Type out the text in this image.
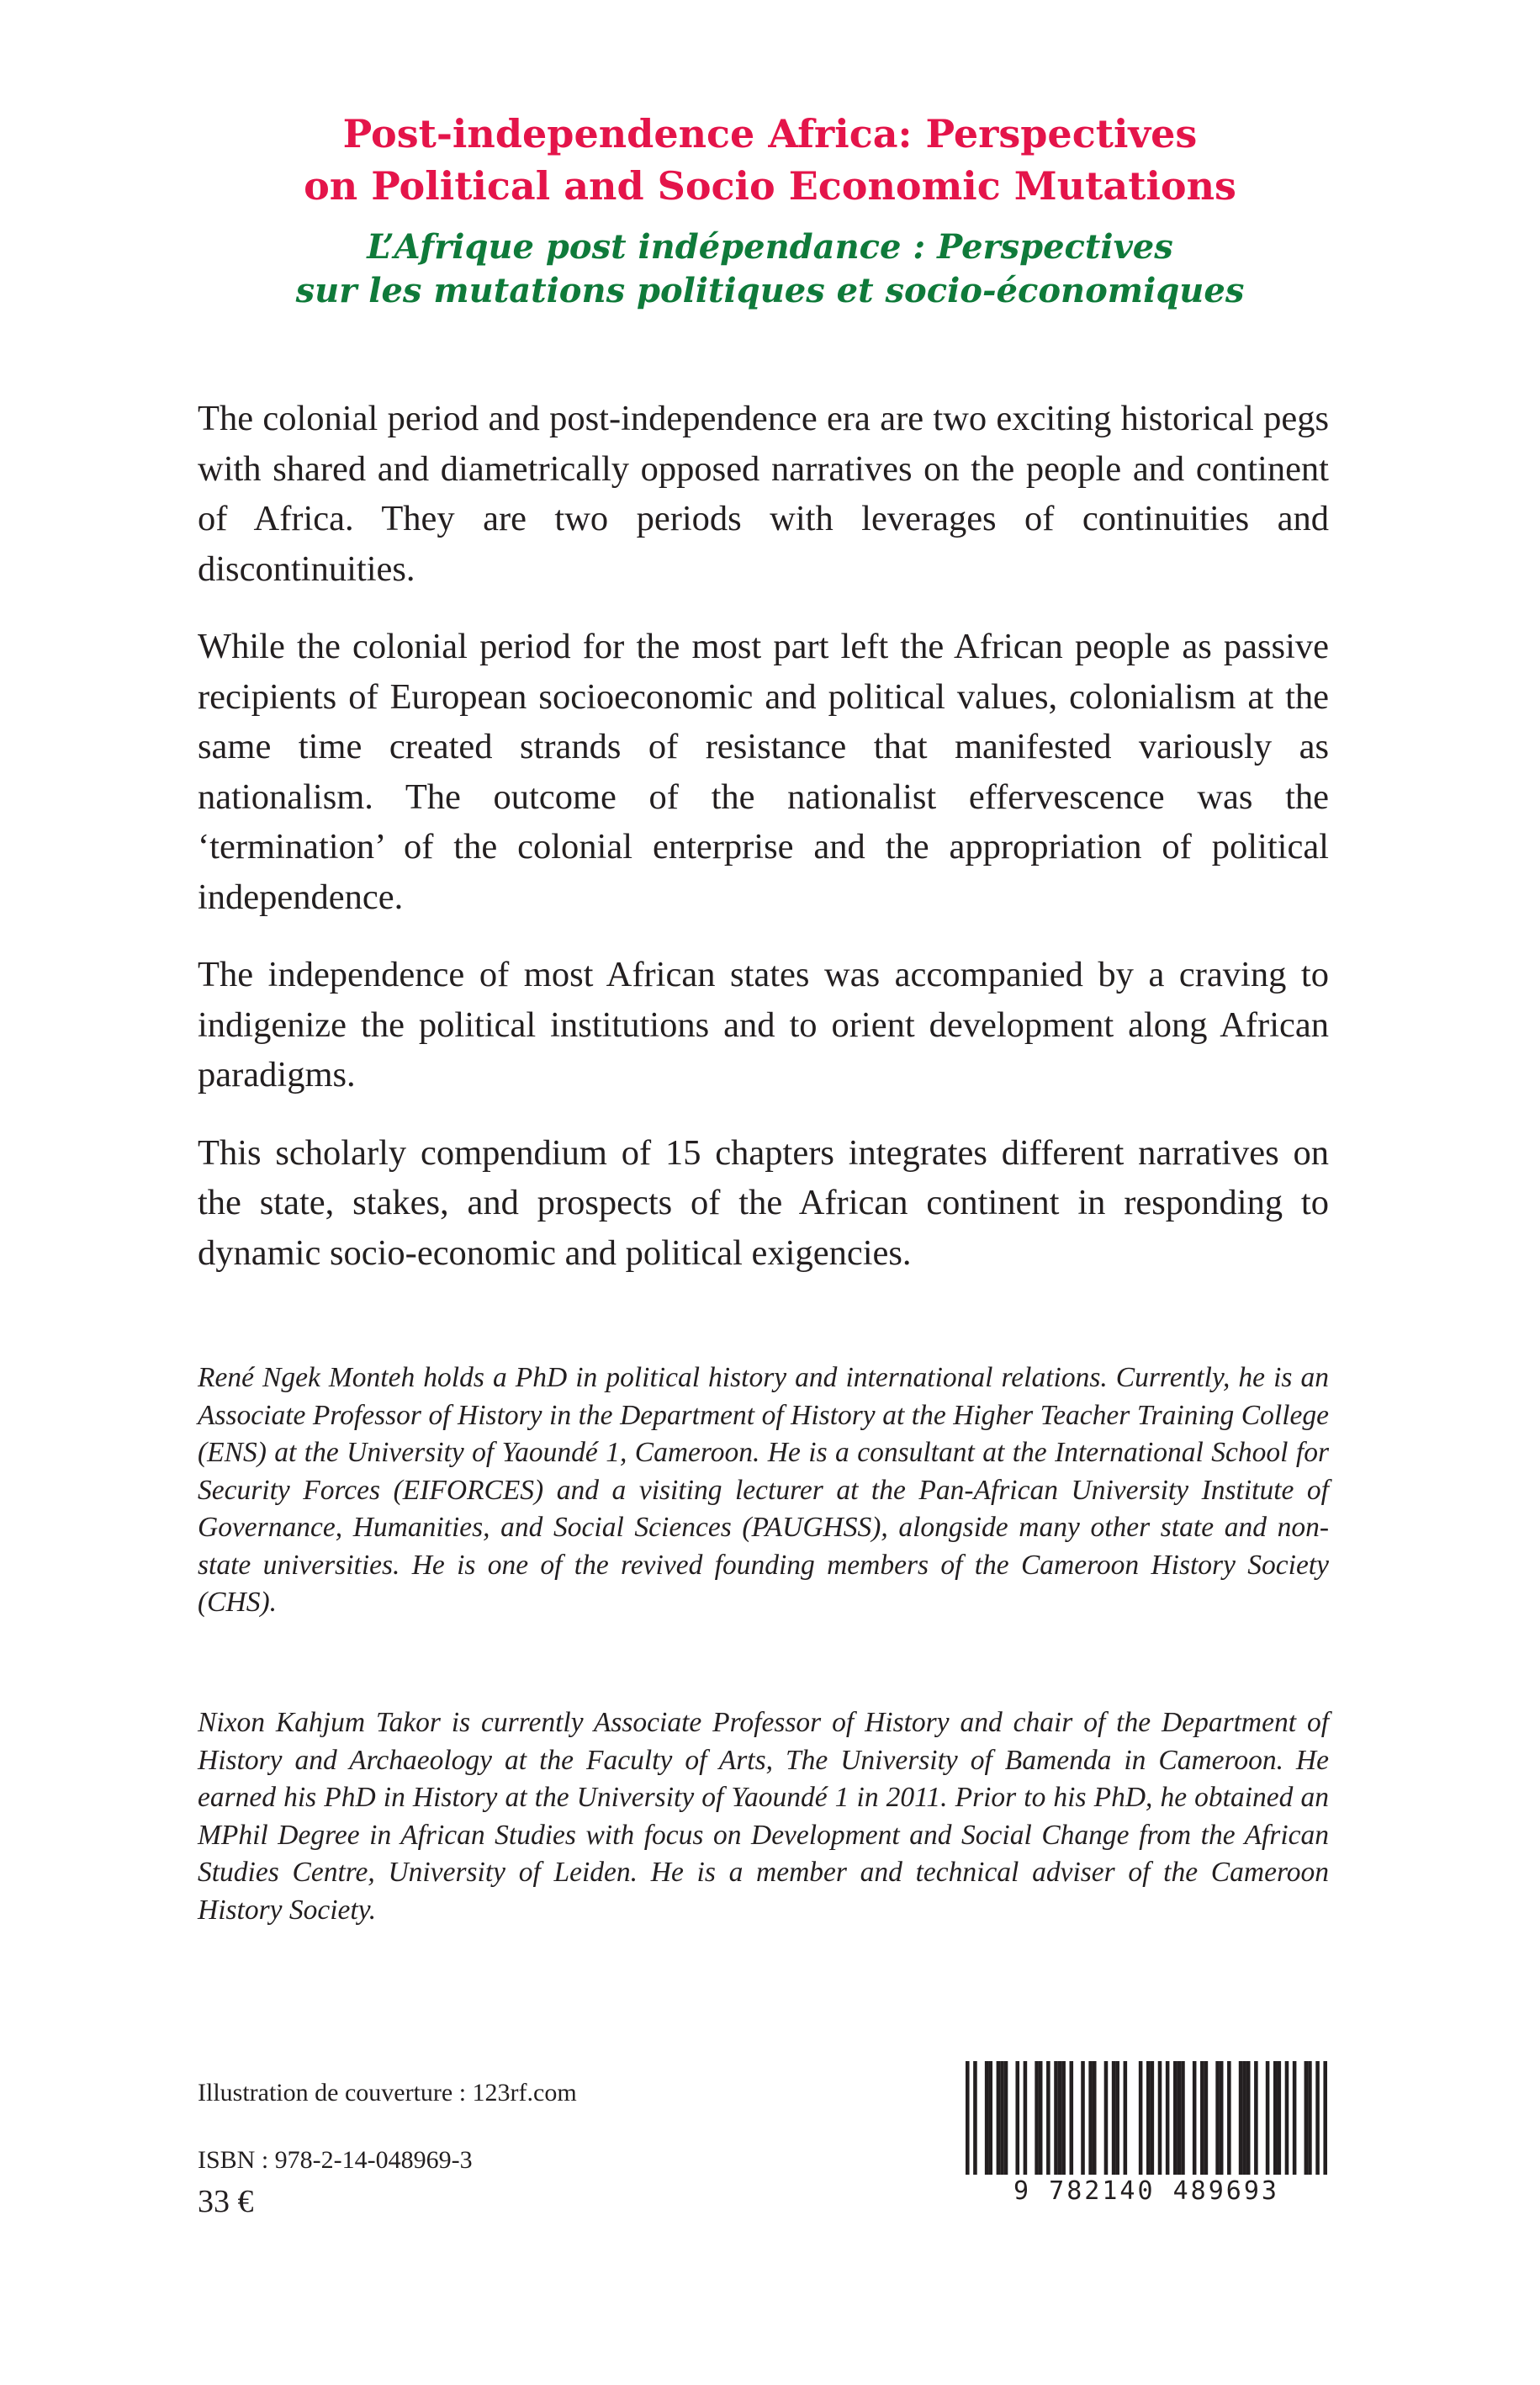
Post-independence Africa: Perspectives
on Political and Socio Economic Mutations
L’Afrique post indépendance : Perspectives
sur les mutations politiques et socio-économiques

The colonial period and post-independence era are two exciting historical pegs with shared and diametrically opposed narratives on the people and continent of Africa. They are two periods with leverages of continuities and discontinuities.

While the colonial period for the most part left the African people as passive recipients of European socioeconomic and political values, colonialism at the same time created strands of resistance that manifested variously as nationalism. The outcome of the nationalist effervescence was the ‘termination’ of the colonial enterprise and the appropriation of political independence.

The independence of most African states was accompanied by a craving to indigenize the political institutions and to orient development along African paradigms.

This scholarly compendium of 15 chapters integrates different narratives on the state, stakes, and prospects of the African continent in responding to dynamic socio-economic and political exigencies.

René Ngek Monteh holds a PhD in political history and international relations. Currently, he is an Associate Professor of History in the Department of History at the Higher Teacher Training College (ENS) at the University of Yaoundé 1, Cameroon. He is a consultant at the International School for Security Forces (EIFORCES) and a visiting lecturer at the Pan-African University Institute of Governance, Humanities, and Social Sciences (PAUGHSS), alongside many other state and non-state universities. He is one of the revived founding members of the Cameroon History Society (CHS).

Nixon Kahjum Takor is currently Associate Professor of History and chair of the Department of History and Archaeology at the Faculty of Arts, The University of Bamenda in Cameroon. He earned his PhD in History at the University of Yaoundé 1 in 2011. Prior to his PhD, he obtained an MPhil Degree in African Studies with focus on Development and Social Change from the African Studies Centre, University of Leiden. He is a member and technical adviser of the Cameroon History Society.

Illustration de couverture : 123rf.com
ISBN : 978-2-14-048969-3
33 €	9 782140 489693
